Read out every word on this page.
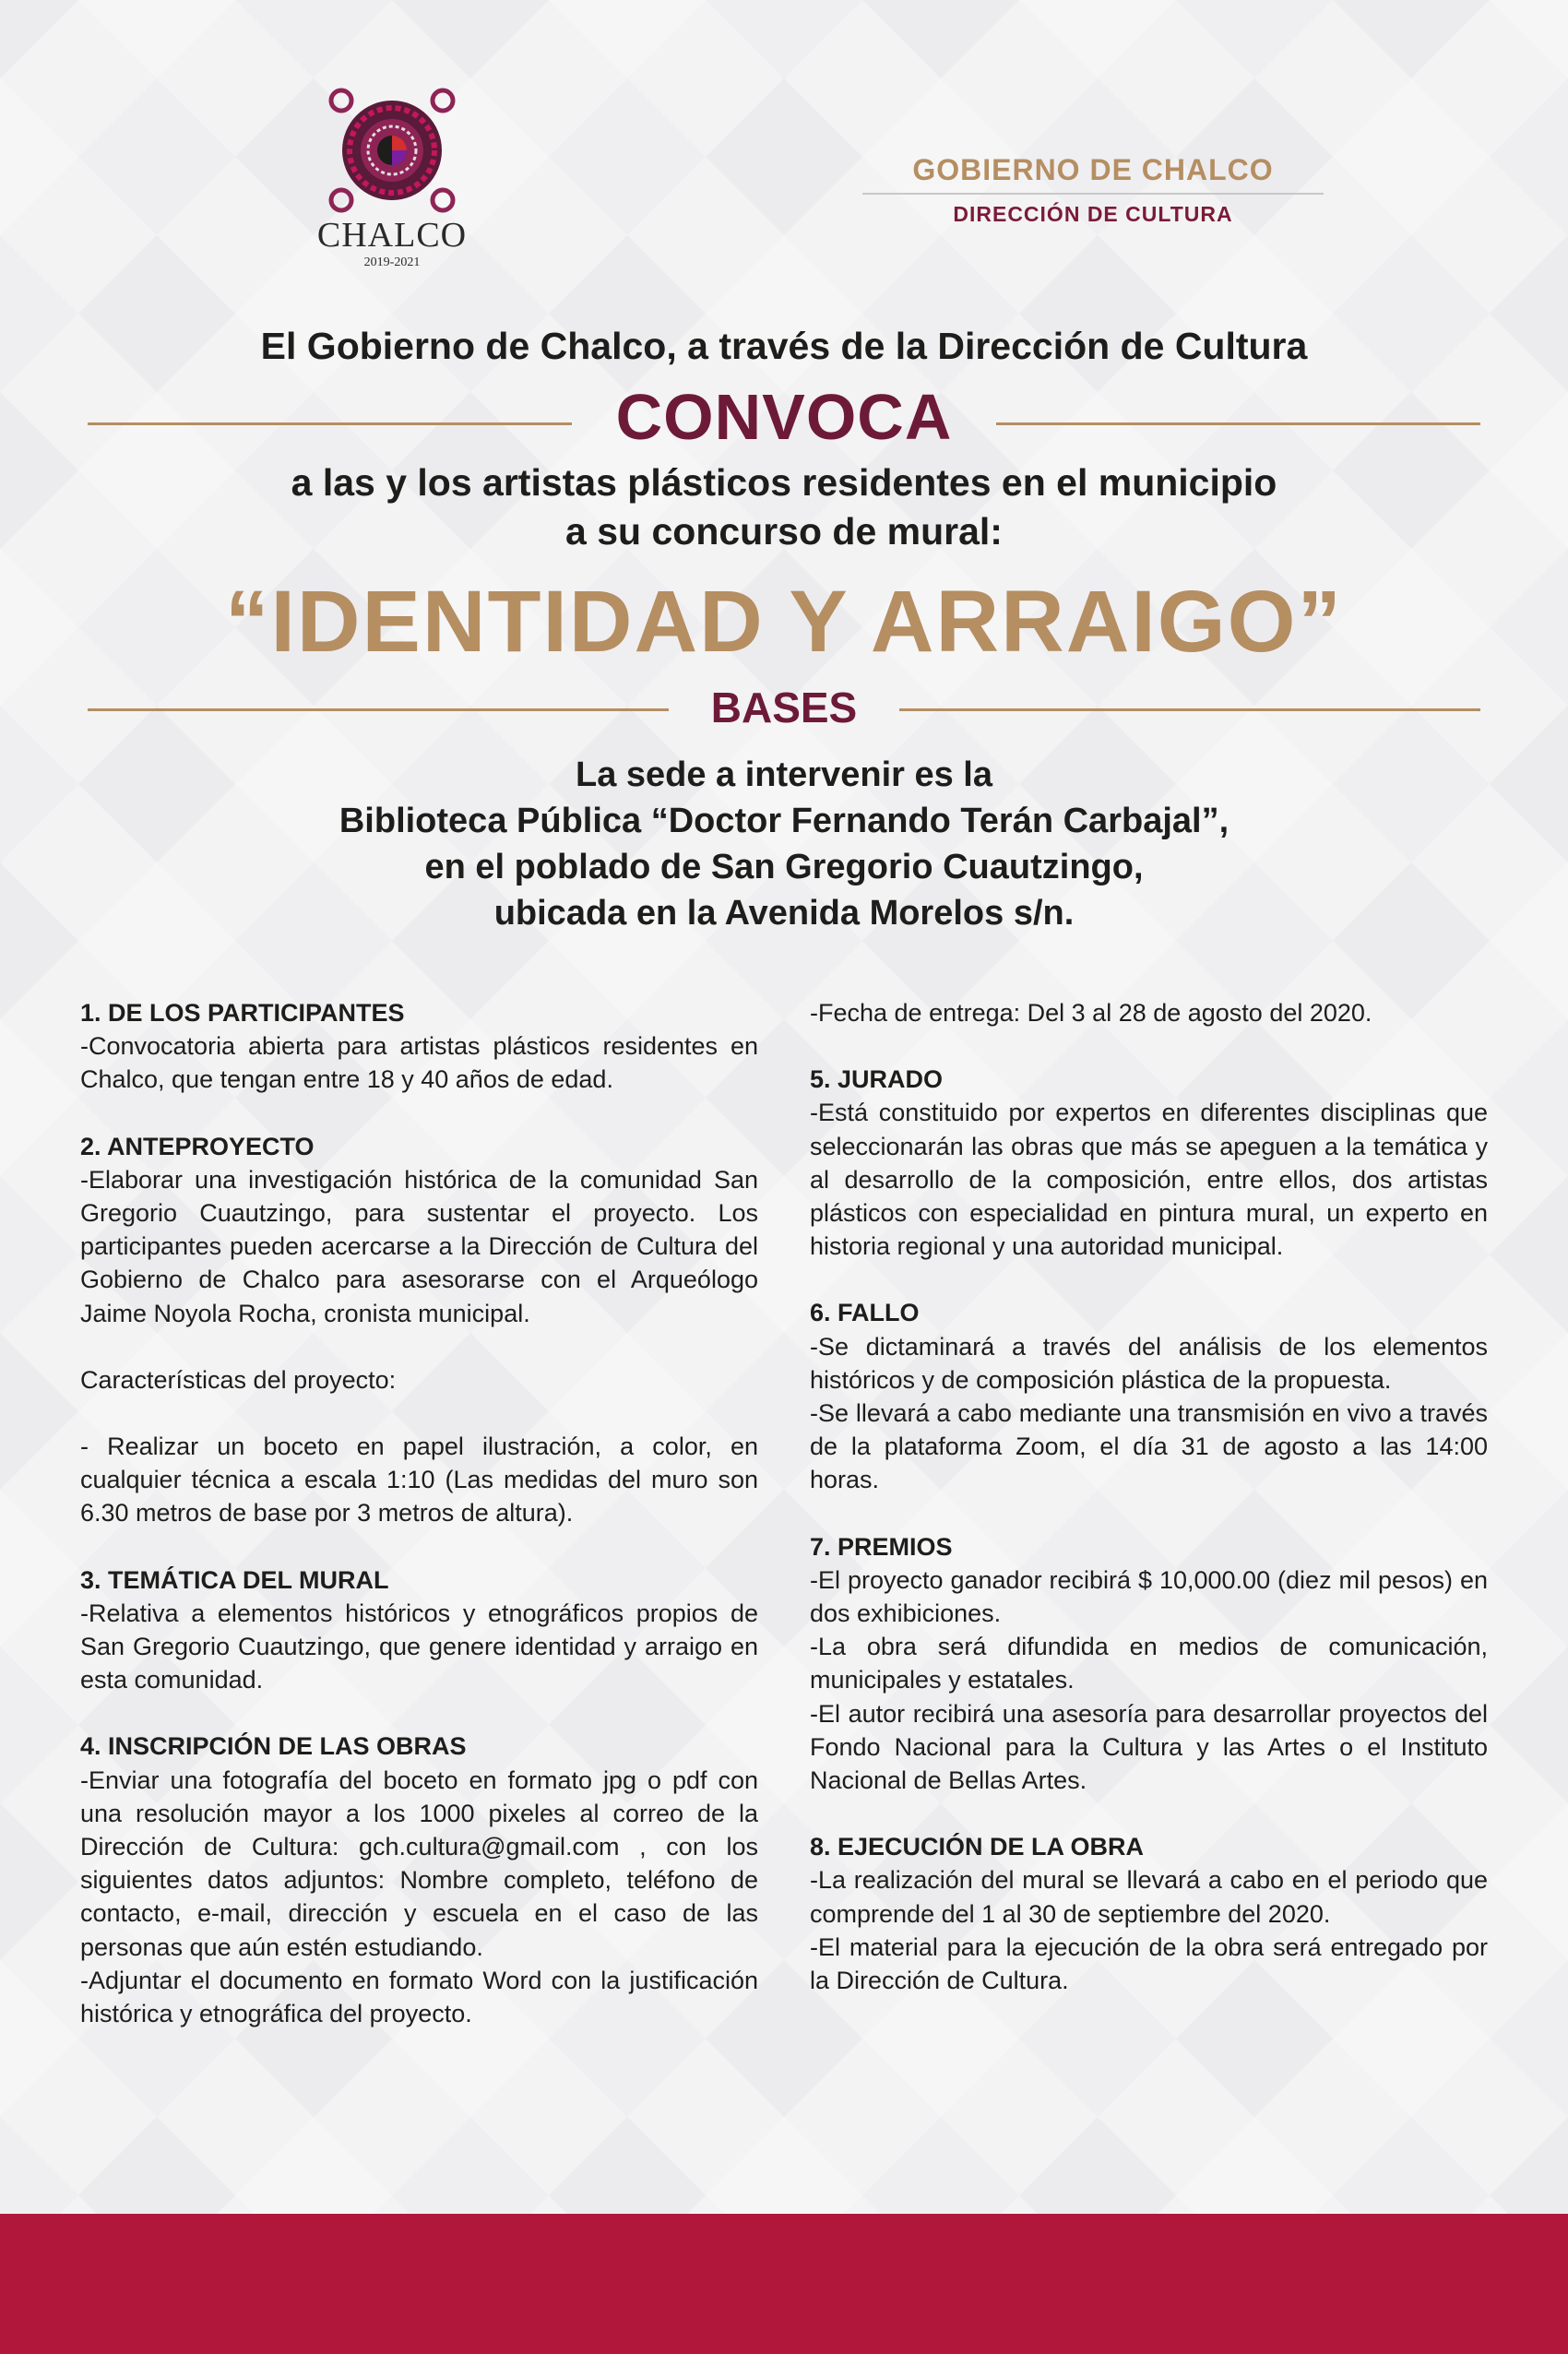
CHALCO
2019-2021
GOBIERNO DE CHALCO
DIRECCIÓN DE CULTURA
El Gobierno de Chalco, a través de la Dirección de Cultura
CONVOCA
a las y los artistas plásticos residentes en el municipio
a su concurso de mural:
“IDENTIDAD Y ARRAIGO”
BASES
La sede a intervenir es la
Biblioteca Pública “Doctor Fernando Terán Carbajal”,
en el poblado de San Gregorio Cuautzingo,
ubicada en la Avenida Morelos s/n.
1. DE LOS PARTICIPANTES

-Convocatoria abierta para artistas plásticos residentes en Chalco, que tengan entre 18 y 40 años de edad.

2. ANTEPROYECTO

-Elaborar una investigación histórica de la comunidad San Gregorio Cuautzingo, para sustentar el proyecto. Los participantes pueden acercarse a la Dirección de Cultura del Gobierno de Chalco para asesorarse con el Arqueólogo Jaime Noyola Rocha, cronista municipal.

Características del proyecto:

- Realizar un boceto en papel ilustración, a color, en cualquier técnica a escala 1:10 (Las medidas del muro son 6.30 metros de base por 3 metros de altura).

3. TEMÁTICA DEL MURAL

-Relativa a elementos históricos y etnográficos propios de San Gregorio Cuautzingo, que genere identidad y arraigo en esta comunidad.

4. INSCRIPCIÓN DE LAS OBRAS

-Enviar una fotografía del boceto en formato jpg o pdf con una resolución mayor a los 1000 pixeles al correo de la Dirección de Cultura: gch.cultura@gmail.com , con los siguientes datos adjuntos: Nombre completo, teléfono de contacto, e-mail, dirección y escuela en el caso de las personas que aún estén estudiando.

-Adjuntar el documento en formato Word con la justificación histórica y etnográfica del proyecto.

-Fecha de entrega: Del 3 al 28 de agosto del 2020.

5. JURADO

-Está constituido por expertos en diferentes disciplinas que seleccionarán las obras que más se apeguen a la temática y al desarrollo de la composición, entre ellos, dos artistas plásticos con especialidad en pintura mural, un experto en historia regional y una autoridad municipal.

6. FALLO

-Se dictaminará a través del análisis de los elementos históricos y de composición plástica de la propuesta.

-Se llevará a cabo mediante una transmisión en vivo a través de la plataforma Zoom, el día 31 de agosto a las 14:00 horas.

7. PREMIOS

-El proyecto ganador recibirá $ 10,000.00 (diez mil pesos) en dos exhibiciones.

-La obra será difundida en medios de comunicación, municipales y estatales.

-El autor recibirá una asesoría para desarrollar proyectos del Fondo Nacional para la Cultura y las Artes o el Instituto Nacional de Bellas Artes.

8. EJECUCIÓN DE LA OBRA

-La realización del mural se llevará a cabo en el periodo que comprende del 1 al 30 de septiembre del 2020.

-El material para la ejecución de la obra será entregado por la Dirección de Cultura.
